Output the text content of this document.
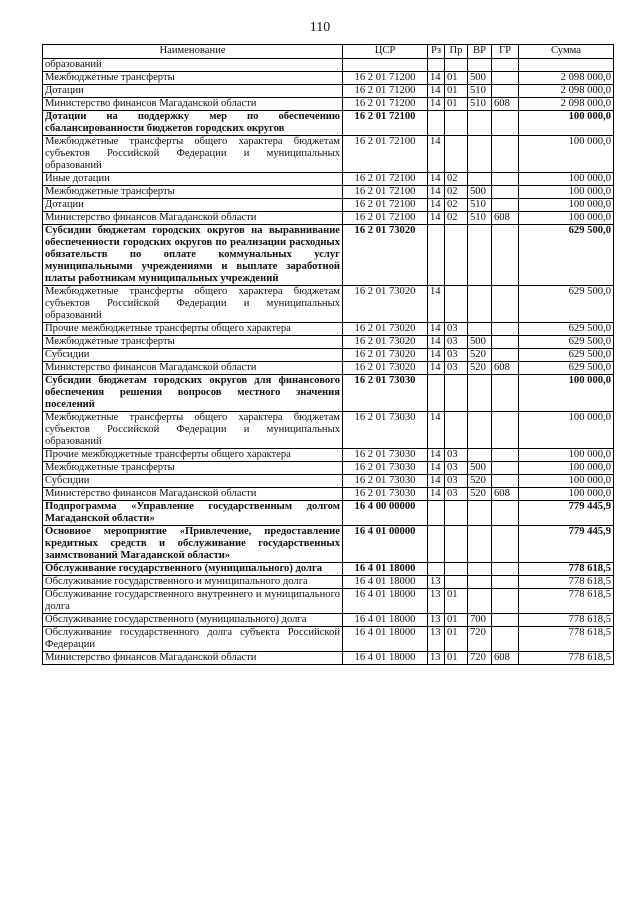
110
Наименование	ЦСР	Рз	Пр	ВР	ГР	Сумма
образований						
Межбюджетные трансферты	16 2 01 71200	14	01	500		2 098 000,0
Дотации	16 2 01 71200	14	01	510		2 098 000,0
Министерство финансов Магаданской области	16 2 01 71200	14	01	510	608	2 098 000,0
Дотации на поддержку мер по обеспечению сбалансированности бюджетов городских округов	16 2 01 72100					100 000,0
Межбюджетные трансферты общего характера бюджетам субъектов Российской Федерации и муниципальных образований	16 2 01 72100	14				100 000,0
Иные дотации	16 2 01 72100	14	02			100 000,0
Межбюджетные трансферты	16 2 01 72100	14	02	500		100 000,0
Дотации	16 2 01 72100	14	02	510		100 000,0
Министерство финансов Магаданской области	16 2 01 72100	14	02	510	608	100 000,0
Субсидии бюджетам городских округов на выравнивание обеспеченности городских округов по реализации расходных обязательств по оплате коммунальных услуг муниципальными учреждениями и выплате заработной платы работникам муниципальных учреждений	16 2 01 73020					629 500,0
Межбюджетные трансферты общего характера бюджетам субъектов Российской Федерации и муниципальных образований	16 2 01 73020	14				629 500,0
Прочие межбюджетные трансферты общего характера	16 2 01 73020	14	03			629 500,0
Межбюджетные трансферты	16 2 01 73020	14	03	500		629 500,0
Субсидии	16 2 01 73020	14	03	520		629 500,0
Министерство финансов Магаданской области	16 2 01 73020	14	03	520	608	629 500,0
Субсидии бюджетам городских округов для финансового обеспечения решения вопросов местного значения поселений	16 2 01 73030					100 000,0
Межбюджетные трансферты общего характера бюджетам субъектов Российской Федерации и муниципальных образований	16 2 01 73030	14				100 000,0
Прочие межбюджетные трансферты общего характера	16 2 01 73030	14	03			100 000,0
Межбюджетные трансферты	16 2 01 73030	14	03	500		100 000,0
Субсидии	16 2 01 73030	14	03	520		100 000,0
Министерство финансов Магаданской области	16 2 01 73030	14	03	520	608	100 000,0
Подпрограмма «Управление государственным долгом Магаданской области»	16 4 00 00000					779 445,9
Основное мероприятие «Привлечение, предоставление кредитных средств и обслуживание государственных заимствований Магаданской области»	16 4 01 00000					779 445,9
Обслуживание государственного (муниципального) долга	16 4 01 18000					778 618,5
Обслуживание государственного и муниципального долга	16 4 01 18000	13				778 618,5
Обслуживание государственного внутреннего и муниципального долга	16 4 01 18000	13	01			778 618,5
Обслуживание государственного (муниципального) долга	16 4 01 18000	13	01	700		778 618,5
Обслуживание государственного долга субъекта Российской Федерации	16 4 01 18000	13	01	720		778 618,5
Министерство финансов Магаданской области	16 4 01 18000	13	01	720	608	778 618,5
